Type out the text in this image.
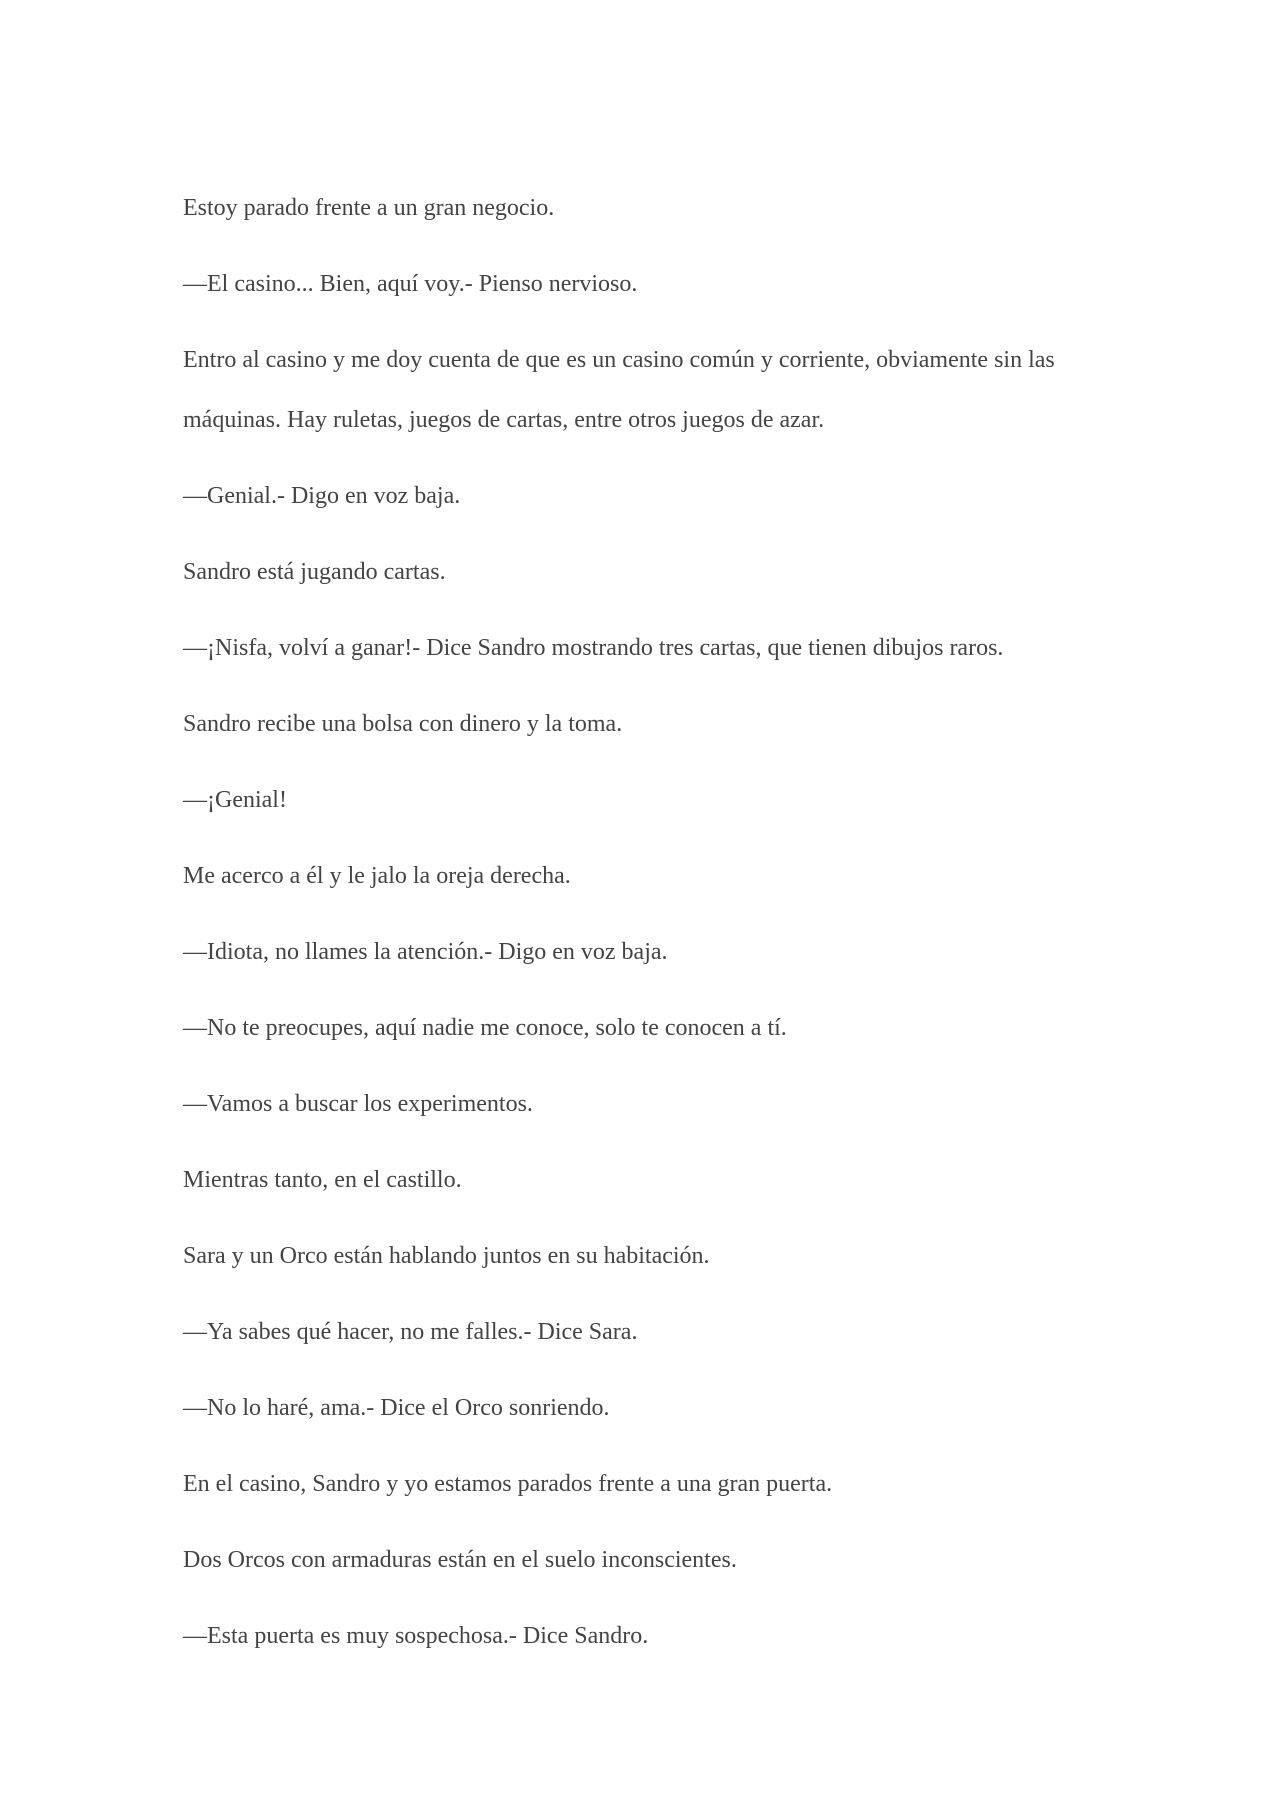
Estoy parado frente a un gran negocio.

—El casino... Bien, aquí voy.- Pienso nervioso.

Entro al casino y me doy cuenta de que es un casino común y corriente, obviamente sin las máquinas. Hay ruletas, juegos de cartas, entre otros juegos de azar.

—Genial.- Digo en voz baja.

Sandro está jugando cartas.

—¡Nisfa, volví a ganar!- Dice Sandro mostrando tres cartas, que tienen dibujos raros.

Sandro recibe una bolsa con dinero y la toma.

—¡Genial!

Me acerco a él y le jalo la oreja derecha.

—Idiota, no llames la atención.- Digo en voz baja.

—No te preocupes, aquí nadie me conoce, solo te conocen a tí.

—Vamos a buscar los experimentos.

Mientras tanto, en el castillo.

Sara y un Orco están hablando juntos en su habitación.

—Ya sabes qué hacer, no me falles.- Dice Sara.

—No lo haré, ama.- Dice el Orco sonriendo.

En el casino, Sandro y yo estamos parados frente a una gran puerta.

Dos Orcos con armaduras están en el suelo inconscientes.

—Esta puerta es muy sospechosa.- Dice Sandro.
